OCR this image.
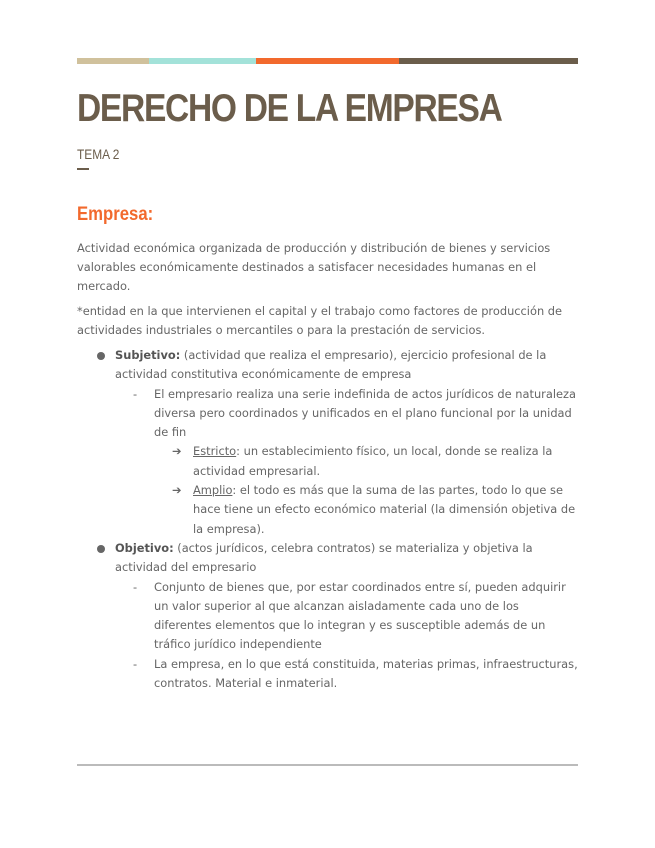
DERECHO DE LA EMPRESA
TEMA 2
Empresa:

Actividad económica organizada de producción y distribución de bienes y servicios valorables económicamente destinados a satisfacer necesidades humanas en el mercado.

*entidad en la que intervienen el capital y el trabajo como factores de producción de actividades industriales o mercantiles o para la prestación de servicios.

Subjetivo: (actividad que realiza el empresario), ejercicio profesional de la actividad constitutiva económicamente de empresa
- El empresario realiza una serie indefinida de actos jurídicos de naturaleza diversa pero coordinados y unificados en el plano funcional por la unidad de fin
➔ Estricto: un establecimiento físico, un local, donde se realiza la actividad empresarial.
➔ Amplio: el todo es más que la suma de las partes, todo lo que se hace tiene un efecto económico material (la dimensión objetiva de la empresa).
Objetivo: (actos jurídicos, celebra contratos) se materializa y objetiva la actividad del empresario
- Conjunto de bienes que, por estar coordinados entre sí, pueden adquirir un valor superior al que alcanzan aisladamente cada uno de los diferentes elementos que lo integran y es susceptible además de un tráfico jurídico independiente
- La empresa, en lo que está constituida, materias primas, infraestructuras, contratos. Material e inmaterial.
